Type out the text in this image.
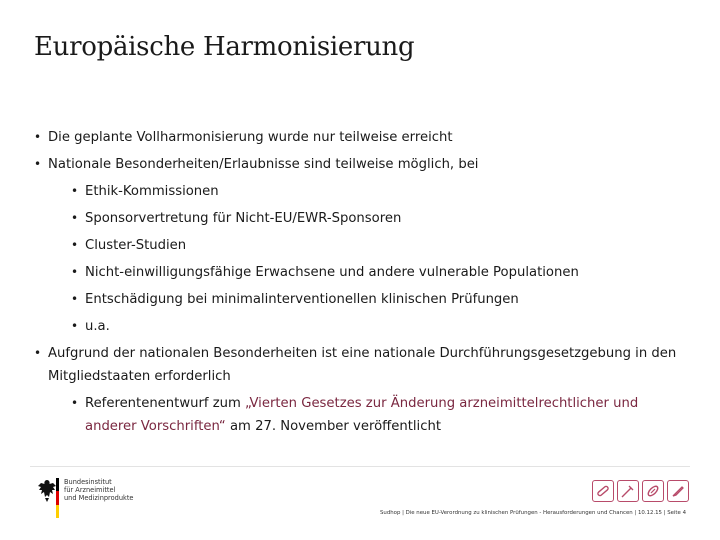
Europäische Harmonisierung
• Die geplante Vollharmonisierung wurde nur teilweise erreicht
• Nationale Besonderheiten/Erlaubnisse sind teilweise möglich, bei
• Ethik-Kommissionen
• Sponsorvertretung für Nicht-EU/EWR-Sponsoren
• Cluster-Studien
• Nicht-einwilligungsfähige Erwachsene und andere vulnerable Populationen
• Entschädigung bei minimalinterventionellen klinischen Prüfungen
• u.a.
• Aufgrund der nationalen Besonderheiten ist eine nationale Durchführungsgesetzgebung in den
Mitgliedstaaten erforderlich
• Referentenentwurf zum „Vierten Gesetzes zur Änderung arzneimittelrechtlicher und
anderer Vorschriften“ am 27. November veröffentlicht
Bundesinstitut
für Arzneimittel
und Medizinprodukte
Sudhop | Die neue EU-Verordnung zu klinischen Prüfungen - Herausforderungen und Chancen | 10.12.15 | Seite 4
